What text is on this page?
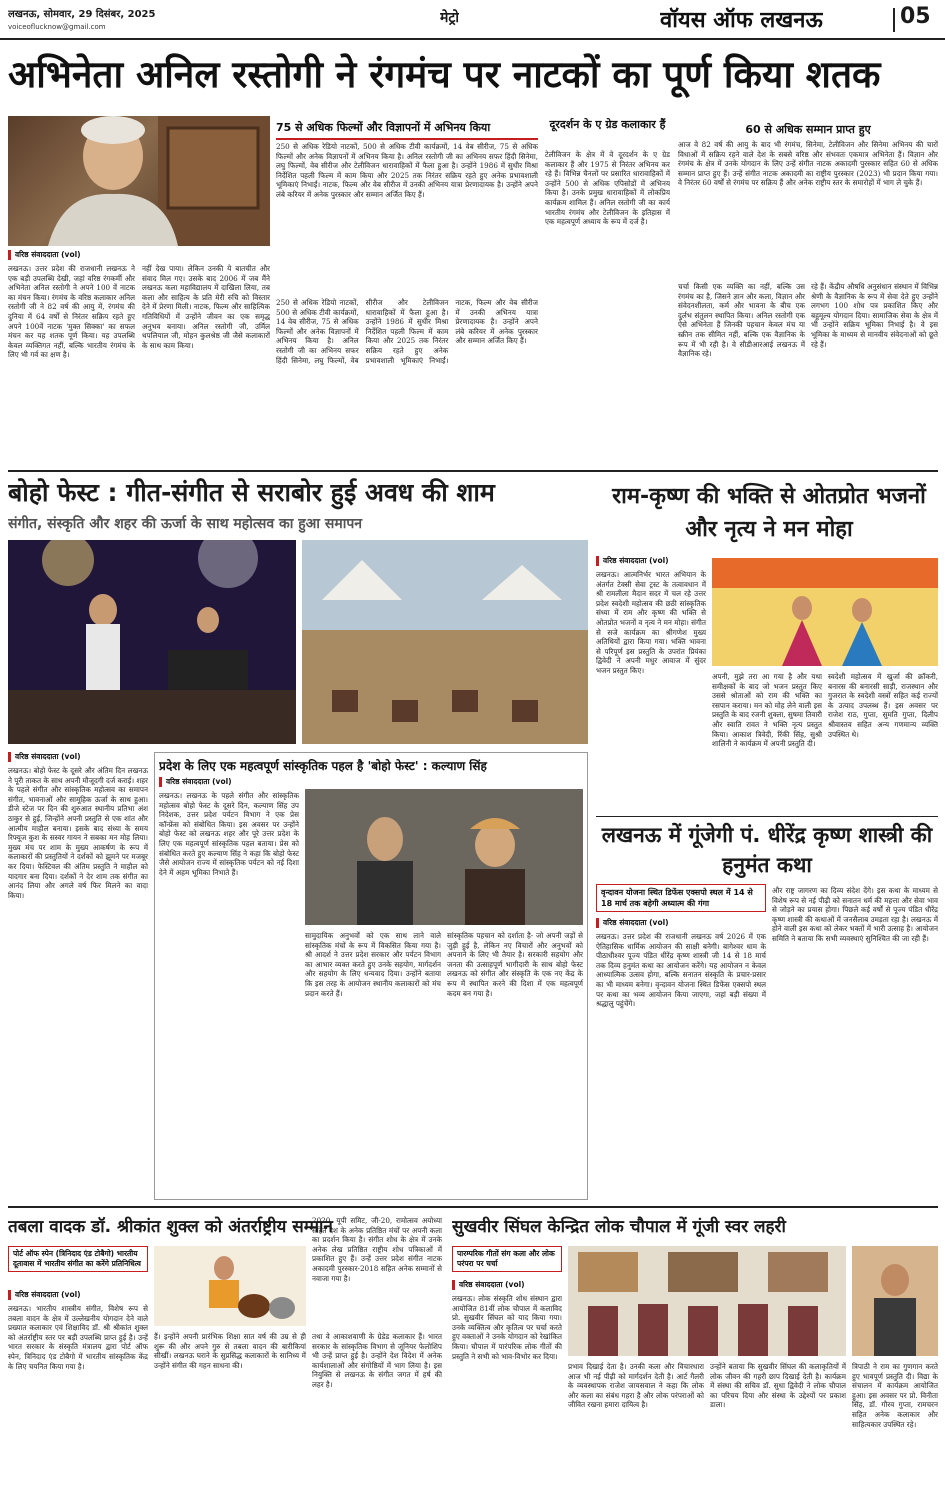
लखनऊ, सोमवार, 29 दिसंबर, 2025
voiceoflucknow@gmail.com
मेट्रो	वॉयस ऑफ लखनऊ	05
अभिनेता अनिल रस्तोगी ने रंगमंच पर नाटकों का पूर्ण किया शतक
वरिष्ठ संवाददाता (vol)
लखनऊ। उत्तर प्रदेश की राजधानी लखनऊ ने एक बड़ी उपलब्धि देखी, जहां वरिष्ठ रंगकर्मी और अभिनेता अनिल रस्तोगी ने अपने 100 वें नाटक का मंचन किया। रंगमंच के वरिष्ठ कलाकार अनिल रस्तोगी जी ने 82 वर्ष की आयु में, रंगमंच की दुनिया में 64 वर्षों से निरंतर सक्रिय रहते हुए अपने 100वें नाटक 'मुक्त सिक्का' का सफल मंचन कर यह शतक पूर्ण किया। यह उपलब्धि केवल व्यक्तिगत नहीं, बल्कि भारतीय रंगमंच के लिए भी गर्व का क्षण है।
नहीं देख पाया। लेकिन उनकी ये बातचीत और संवाद मिल गए। उसके बाद 2006 में जब मैंने लखनऊ कला महाविद्यालय में दाखिला लिया, तब कला और साहित्य के प्रति मेरी रुचि को विस्तार देने में प्रेरणा मिली। नाटक, फिल्म और साहित्यिक गतिविधियों में उन्होंने जीवन का एक समृद्ध अनुभव बनाया। अनिल रस्तोगी जी, उर्मिल थपलियाल जी, मोहन कुलश्रेष्ठ जी जैसे कलाकारों के साथ काम किया।
75 से अधिक फिल्मों और विज्ञापनों में अभिनय किया
250 से अधिक रेडियो नाटकों, 500 से अधिक टीवी कार्यक्रमों, 14 वेब सीरीज, 75 से अधिक फिल्मों और अनेक विज्ञापनों में अभिनय किया है। अनिल रस्तोगी जी का अभिनय सफर हिंदी सिनेमा, लघु फिल्मों, वेब सीरीज और टेलीविजन धारावाहिकों में फैला हुआ है। उन्होंने 1986 में सुधीर मिश्रा निर्देशित पहली फिल्म में काम किया और 2025 तक निरंतर सक्रिय रहते हुए अनेक प्रभावशाली भूमिकाएं निभाईं। नाटक, फिल्म और वेब सीरीज में उनकी अभिनय यात्रा प्रेरणादायक है। उन्होंने अपने लंबे करियर में अनेक पुरस्कार और सम्मान अर्जित किए हैं।
250 से अधिक रेडियो नाटकों, 500 से अधिक टीवी कार्यक्रमों, 14 वेब सीरीज, 75 से अधिक फिल्मों और अनेक विज्ञापनों में अभिनय किया है। अनिल रस्तोगी जी का अभिनय सफर हिंदी सिनेमा, लघु फिल्मों, वेब सीरीज और टेलीविजन धारावाहिकों में फैला हुआ है। उन्होंने 1986 में सुधीर मिश्रा निर्देशित पहली फिल्म में काम किया और 2025 तक निरंतर सक्रिय रहते हुए अनेक प्रभावशाली भूमिकाएं निभाईं। नाटक, फिल्म और वेब सीरीज में उनकी अभिनय यात्रा प्रेरणादायक है। उन्होंने अपने लंबे करियर में अनेक पुरस्कार और सम्मान अर्जित किए हैं।
दूरदर्शन के ए ग्रेड कलाकार हैं
टेलीविजन के क्षेत्र में वे दूरदर्शन के ए ग्रेड कलाकार हैं और 1975 से निरंतर अभिनय कर रहे हैं। विभिन्न चैनलों पर प्रसारित धारावाहिकों में उन्होंने 500 से अधिक एपिसोडों में अभिनय किया है। उनके प्रमुख धारावाहिकों में लोकप्रिय कार्यक्रम शामिल हैं। अनिल रस्तोगी जी का कार्य भारतीय रंगमंच और टेलीविजन के इतिहास में एक महत्वपूर्ण अध्याय के रूप में दर्ज है।
60 से अधिक सम्मान प्राप्त हुए
आज वे 82 वर्ष की आयु के बाद भी रंगमंच, सिनेमा, टेलीविजन और सिनेमा अभिनय की चारों विधाओं में सक्रिय रहने वाले देश के सबसे वरिष्ठ और संभवतः एकमात्र अभिनेता हैं। विज्ञान और रंगमंच के क्षेत्र में उनके योगदान के लिए उन्हें संगीत नाटक अकादमी पुरस्कार सहित 60 से अधिक सम्मान प्राप्त हुए हैं। उन्हें संगीत नाटक अकादमी का राष्ट्रीय पुरस्कार (2023) भी प्रदान किया गया। वे निरंतर 60 वर्षों से रंगमंच पर सक्रिय हैं और अनेक राष्ट्रीय स्तर के समारोहों में भाग ले चुके हैं।
चर्चा किसी एक व्यक्ति का नहीं, बल्कि उस रंगमंच का है, जिसने ज्ञान और कला, विज्ञान और संवेदनशीलता, कर्म और भावना के बीच एक दुर्लभ संतुलन स्थापित किया। अनिल रस्तोगी एक ऐसे अभिनेता हैं जिनकी पहचान केवल मंच या स्क्रीन तक सीमित नहीं, बल्कि एक वैज्ञानिक के रूप में भी रही है। वे सीडीआरआई लखनऊ में वैज्ञानिक रहे।
रहे हैं। केंद्रीय औषधि अनुसंधान संस्थान में विभिन्न श्रेणी के वैज्ञानिक के रूप में सेवा देते हुए उन्होंने लगभग 100 शोध पत्र प्रकाशित किए और बहुमूल्य योगदान दिया। सामाजिक सेवा के क्षेत्र में भी उन्होंने सक्रिय भूमिका निभाई है। वे इस भूमिका के माध्यम से मानवीय संवेदनाओं को छूते रहे हैं।
बोहो फेस्ट : गीत-संगीत से सराबोर हुई अवध की शाम
संगीत, संस्कृति और शहर की ऊर्जा के साथ महोत्सव का हुआ समापन
वरिष्ठ संवाददाता (vol)
लखनऊ। बोहो फेस्ट के दूसरे और अंतिम दिन लखनऊ ने पूरी ताकत के साथ अपनी मौजूदगी दर्ज कराई। शहर के पहले संगीत और सांस्कृतिक महोत्सव का समापन संगीत, भावनाओं और सामूहिक ऊर्जा के साथ हुआ। डीजे स्टेज पर दिन की शुरुआत स्थानीय प्रतिभा अंश ठाकुर से हुई, जिन्होंने अपनी प्रस्तुति से एक शांत और आत्मीय माहौल बनाया। इसके बाद संध्या के समय रिफ्यूज कुश के सस्वर गायन ने सबका मन मोह लिया। मुख्य मंच पर शाम के मुख्य आकर्षण के रूप में कलाकारों की प्रस्तुतियों ने दर्शकों को झूमने पर मजबूर कर दिया। फेस्टिवल की अंतिम प्रस्तुति ने माहौल को यादगार बना दिया। दर्शकों ने देर शाम तक संगीत का आनंद लिया और अगले वर्ष फिर मिलने का वादा किया।
प्रदेश के लिए एक महत्वपूर्ण सांस्कृतिक पहल है 'बोहो फेस्ट' : कल्याण सिंह
वरिष्ठ संवाददाता (vol)
लखनऊ। लखनऊ के पहले संगीत और सांस्कृतिक महोत्सव बोहो फेस्ट के दूसरे दिन, कल्याण सिंह उप निदेशक, उत्तर प्रदेश पर्यटन विभाग ने एक प्रेस कॉन्फ्रेंस को संबोधित किया। इस अवसर पर उन्होंने बोहो फेस्ट को लखनऊ शहर और पूरे उत्तर प्रदेश के लिए एक महत्वपूर्ण सांस्कृतिक पहल बताया। प्रेस को संबोधित करते हुए कल्याण सिंह ने कहा कि बोहो फेस्ट जैसे आयोजन राज्य में सांस्कृतिक पर्यटन को नई दिशा देने में अहम भूमिका निभाते हैं।
सामुदायिक अनुभवों को एक साथ लाने वाले सांस्कृतिक मंचों के रूप में विकसित किया गया है। श्री आदर्श ने उत्तर प्रदेश सरकार और पर्यटन विभाग का आभार व्यक्त करते हुए उनके सहयोग, मार्गदर्शन और सहयोग के लिए धन्यवाद दिया। उन्होंने बताया कि इस तरह के आयोजन स्थानीय कलाकारों को मंच प्रदान करते हैं।
सांस्कृतिक पहचान को दर्शाता है- जो अपनी जड़ों से जुड़ी हुई है, लेकिन नए विचारों और अनुभवों को अपनाने के लिए भी तैयार है। सरकारी सहयोग और जनता की उत्साहपूर्ण भागीदारी के साथ बोहो फेस्ट लखनऊ को संगीत और संस्कृति के एक नए केंद्र के रूप में स्थापित करने की दिशा में एक महत्वपूर्ण कदम बन गया है।
राम-कृष्ण की भक्ति से ओतप्रोत भजनों और नृत्य ने मन मोहा
वरिष्ठ संवाददाता (vol)
लखनऊ। आत्मनिर्भर भारत अभियान के अंतर्गत टेक्सी सेवा ट्रस्ट के तत्वावधान में श्री रामलीला मैदान सदर में चल रहे उत्तर प्रदेश स्वदेशी महोत्सव की छठी सांस्कृतिक संध्या में राम और कृष्ण की भक्ति से ओतप्रोत भजनों व नृत्य ने मन मोहा। संगीत से सजे कार्यक्रम का श्रीगणेश मुख्य अतिथियों द्वारा किया गया। भक्ति भावना से परिपूर्ण इस प्रस्तुति के उपरांत प्रियंका द्विवेदी ने अपनी मधुर आवाज में सुंदर भजन प्रस्तुत किए।
अपनी, मुझे तरा आ गया है और यथा समीक्षकों के बाद जो भजन प्रस्तुत किए उससे श्रोताओं को राम की भक्ति का रसपान कराया। मन को मोह लेने वाली इस प्रस्तुति के बाद रजनी शुक्ला, सुषमा तिवारी और स्वाति रावत ने भक्ति नृत्य प्रस्तुत किया। आकाश त्रिवेदी, रिंकी सिंह, सुश्री शालिनी ने कार्यक्रम में अपनी प्रस्तुति दी।
स्वदेशी महोत्सव में खुर्जा की क्रॉकरी, बनारस की बनारसी साड़ी, राजस्थान और गुजरात के स्वदेशी वस्त्रों सहित कई राज्यों के उत्पाद उपलब्ध हैं। इस अवसर पर राजेश राठ, गुप्ता, सुमति गुप्ता, दिलीप श्रीवास्तव सहित अन्य गणमान्य व्यक्ति उपस्थित थे।
लखनऊ में गूंजेगी पं. धीरेंद्र कृष्ण शास्त्री की हनुमंत कथा
वृन्दावन योजना स्थित डिफेंस एक्सपो स्थल में 14 से 18 मार्च तक बहेगी अध्यात्म की गंगा
वरिष्ठ संवाददाता (vol)
लखनऊ। उत्तर प्रदेश की राजधानी लखनऊ वर्ष 2026 में एक ऐतिहासिक धार्मिक आयोजन की साक्षी बनेगी। बागेश्वर धाम के पीठाधीश्वर पूज्य पंडित धीरेंद्र कृष्ण शास्त्री जी 14 से 18 मार्च तक दिव्य हनुमंत कथा का आयोजन करेंगे। यह आयोजन न केवल आध्यात्मिक उत्सव होगा, बल्कि सनातन संस्कृति के प्रचार-प्रसार का भी माध्यम बनेगा। वृन्दावन योजना स्थित डिफेंस एक्सपो स्थल पर कथा का भव्य आयोजन किया जाएगा, जहां बड़ी संख्या में श्रद्धालु पहुंचेंगे।
और राष्ट्र जागरण का दिव्य संदेश देंगे। इस कथा के माध्यम से विशेष रूप से नई पीढ़ी को सनातन धर्म की महत्ता और सेवा भाव से जोड़ने का प्रयास होगा। पिछले कई वर्षों से पूज्य पंडित धीरेंद्र कृष्ण शास्त्री की कथाओं में जनसैलाब उमड़ता रहा है। लखनऊ में होने वाली इस कथा को लेकर भक्तों में भारी उत्साह है। आयोजन समिति ने बताया कि सभी व्यवस्थाएं सुनिश्चित की जा रही हैं।
तबला वादक डॉ. श्रीकांत शुक्ल को अंतर्राष्ट्रीय सम्मान
पोर्ट ऑफ स्पेन (त्रिनिदाद एंड टोबैगो) भारतीय दूतावास में भारतीय संगीत का करेंगे प्रतिनिधित्व
वरिष्ठ संवाददाता (vol)
लखनऊ। भारतीय शास्त्रीय संगीत, विशेष रूप से तबला वादन के क्षेत्र में उल्लेखनीय योगदान देने वाले प्रख्यात कलाकार एवं शिक्षाविद डॉ. श्री श्रीकांत शुक्ल को अंतर्राष्ट्रीय स्तर पर बड़ी उपलब्धि प्राप्त हुई है। उन्हें भारत सरकार के संस्कृति मंत्रालय द्वारा पोर्ट ऑफ स्पेन, त्रिनिदाद एंड टोबैगो में भारतीय सांस्कृतिक केंद्र के लिए चयनित किया गया है।
हैं। इन्होंने अपनी प्रारंभिक शिक्षा सात वर्ष की उम्र से ही शुरू की और अपने गुरु से तबला वादन की बारीकियां सीखीं। लखनऊ घराने के सुप्रसिद्ध कलाकारों के सानिध्य में उन्होंने संगीत की गहन साधना की।
2020, यूपी समिट, जी-20, रामोत्सव अयोध्या सहित देश के अनेक प्रतिष्ठित मंचों पर अपनी कला का प्रदर्शन किया है। संगीत शोध के क्षेत्र में उनके अनेक लेख प्रतिष्ठित राष्ट्रीय शोध पत्रिकाओं में प्रकाशित हुए हैं। उन्हें उत्तर प्रदेश संगीत नाटक अकादमी पुरस्कार-2018 सहित अनेक सम्मानों से नवाजा गया है।
तथा वे आकाशवाणी के ग्रेडेड कलाकार हैं। भारत सरकार के सांस्कृतिक विभाग से जूनियर फेलोशिप भी उन्हें प्राप्त हुई है। उन्होंने देश विदेश में अनेक कार्यशालाओं और संगोष्ठियों में भाग लिया है। इस नियुक्ति से लखनऊ के संगीत जगत में हर्ष की लहर है।
सुखवीर सिंघल केन्द्रित लोक चौपाल में गूंजी स्वर लहरी
पारम्परिक गीतों संग कला और लोक परंपरा पर चर्चा
वरिष्ठ संवाददाता (vol)
लखनऊ। लोक संस्कृति शोध संस्थान द्वारा आयोजित 81वीं लोक चौपाल में कलाविद प्रो. सुखवीर सिंघल को याद किया गया। उनके व्यक्तित्व और कृतित्व पर चर्चा करते हुए वक्ताओं ने उनके योगदान को रेखांकित किया। चौपाल में पारंपरिक लोक गीतों की प्रस्तुति ने सभी को भाव-विभोर कर दिया।
प्रभाव दिखाई देता है। उनकी कला और विचारधारा आज भी नई पीढ़ी को मार्गदर्शन देती है। आर्ट गैलरी के व्यवस्थापक राजेश जायसवाल ने कहा कि लोक और कला का संबंध गहरा है और लोक परंपराओं को जीवित रखना हमारा दायित्व है।
उन्होंने बताया कि सुखवीर सिंघल की कलाकृतियों में लोक जीवन की गहरी छाप दिखाई देती है। कार्यक्रम में संस्था की सचिव डॉ. सुधा द्विवेदी ने लोक चौपाल का परिचय दिया और संस्था के उद्देश्यों पर प्रकाश डाला।
त्रिपाठी ने राम का गुणगान करते हुए भावपूर्ण प्रस्तुति दी। विद्या के संचालन में कार्यक्रम आयोजित हुआ। इस अवसर पर प्रो. विनीता सिंह, डॉ. गौरव गुप्ता, रामचरन सहित अनेक कलाकार और साहित्यकार उपस्थित रहे।
